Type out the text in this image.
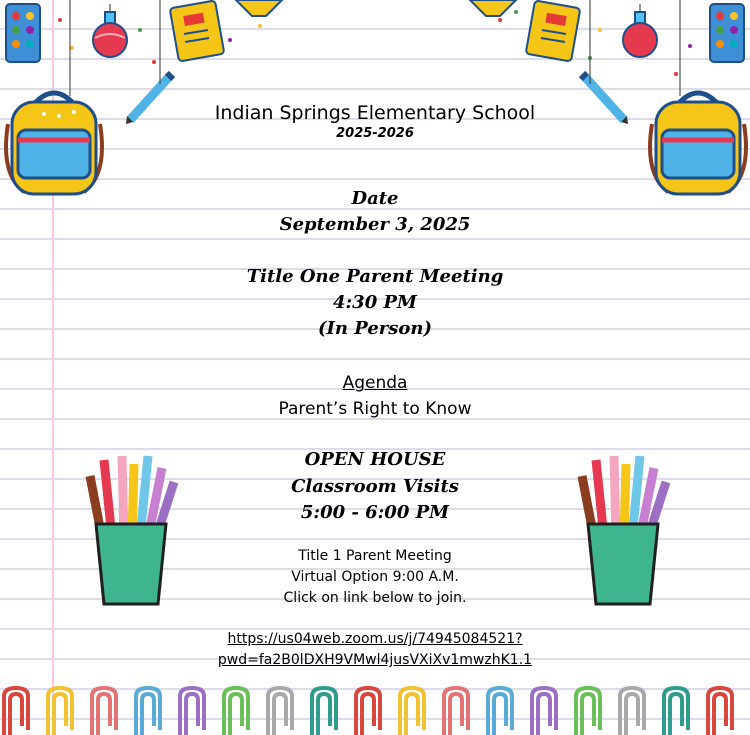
Indian Springs Elementary School
2025-2026
Date
September 3, 2025
Title One Parent Meeting
4:30 PM
(In Person)
Agenda
Parent’s Right to Know
OPEN HOUSE
Classroom Visits
5:00 - 6:00 PM
Title 1 Parent Meeting
Virtual Option 9:00 A.M.
Click on link below to join.
https://us04web.zoom.us/j/74945084521?
pwd=fa2B0lDXH9VMwl4jusVXiXv1mwzhK1.1
